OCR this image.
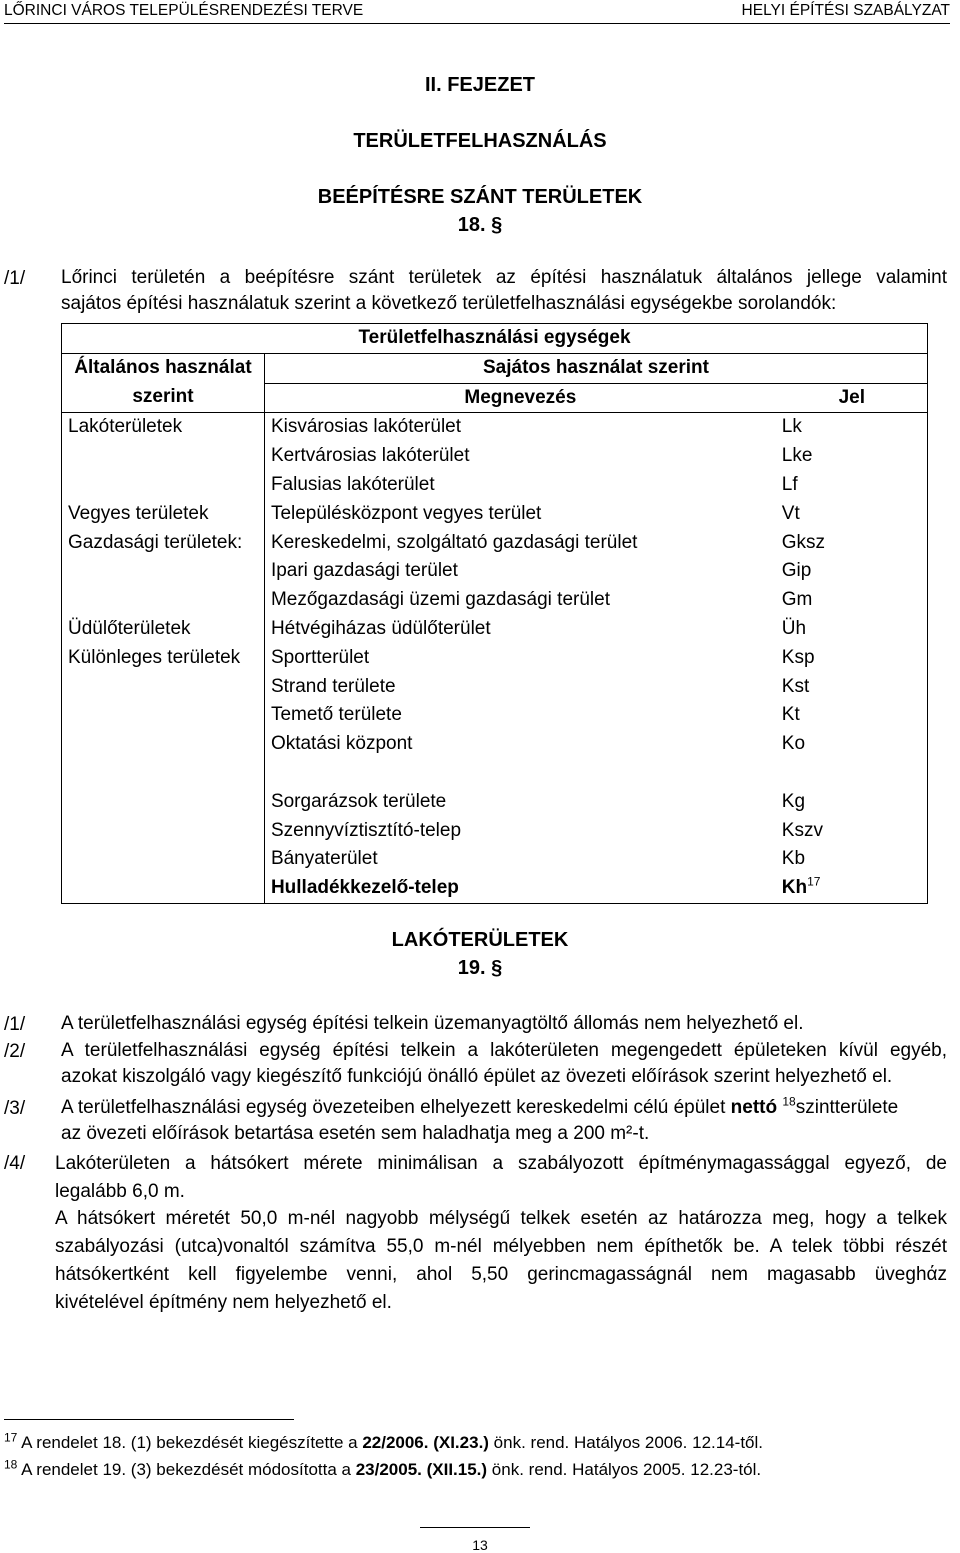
LŐRINCI VÁROS TELEPÜLÉSRENDEZÉSI TERVE	HELYI ÉPÍTÉSI SZABÁLYZAT
II. FEJEZET
TERÜLETFELHASZNÁLÁS
BEÉPÍTÉSRE SZÁNT TERÜLETEK
18. §
/1/ Lőrinci területén a beépítésre szánt területek az építési használatuk általános jellege valamint
sajátos építési használatuk szerint a következő területfelhasználási egységekbe sorolandók:
Területfelhasználási egységek		
Általános használat	Sajátos használat szerint	
szerint	Megnevezés	Jel
Lakóterületek	Kisvárosias lakóterület	Lk
	Kertvárosias lakóterület	Lke
	Falusias lakóterület	Lf
Vegyes területek	Településközpont vegyes terület	Vt
Gazdasági területek:	Kereskedelmi, szolgáltató gazdasági terület	Gksz
	Ipari gazdasági terület	Gip
	Mezőgazdasági üzemi gazdasági terület	Gm
Üdülőterületek	Hétvégiházas üdülőterület	Üh
Különleges területek	Sportterület	Ksp
	Strand területe	Kst
	Temető területe	Kt
	Oktatási központ	Ko

	Sorgarázsok területe	Kg
	Szennyvíztisztító-telep	Kszv
	Bányaterület	Kb
	Hulladékkezelő-telep	Kh$^{17}$
LAKÓTERÜLETEK
19. §
/1/ A területfelhasználási egység építési telkein üzemanyagtöltő állomás nem helyezhető el.
/2/ A területfelhasználási egység építési telkein a lakóterületen megengedett épületeken kívül egyéb,
azokat kiszolgáló vagy kiegészítő funkciójú önálló épület az övezeti előírások szerint helyezhető el.
/3/ A területfelhasználási egység övezeteiben elhelyezett kereskedelmi célú épület nettó $^{18}$szintterülete
az övezeti előírások betartása esetén sem haladhatja meg a 200 m²-t.
/4/ Lakóterületen a hátsókert mérete minimálisan a szabályozott építménymagassággal egyező, de
legalább 6,0 m.
A hátsókert méretét 50,0 m-nél nagyobb mélységű telkek esetén az határozza meg, hogy a telkek
szabályozási (utca)vonaltól számítva 55,0 m-nél mélyebben nem építhetők be. A telek többi részét
hátsókertként kell figyelembe venni, ahol 5,50 gerincmagasságnál nem magasabb üveghάz
kivételével építmény nem helyezhető el.
$^{17}$ A rendelet 18. (1) bekezdését kiegészítette a 22/2006. (XI.23.) önk. rend. Hatályos 2006. 12.14-től.
$^{18}$ A rendelet 19. (3) bekezdését módosította a 23/2005. (XII.15.) önk. rend. Hatályos 2005. 12.23-tól.
13
